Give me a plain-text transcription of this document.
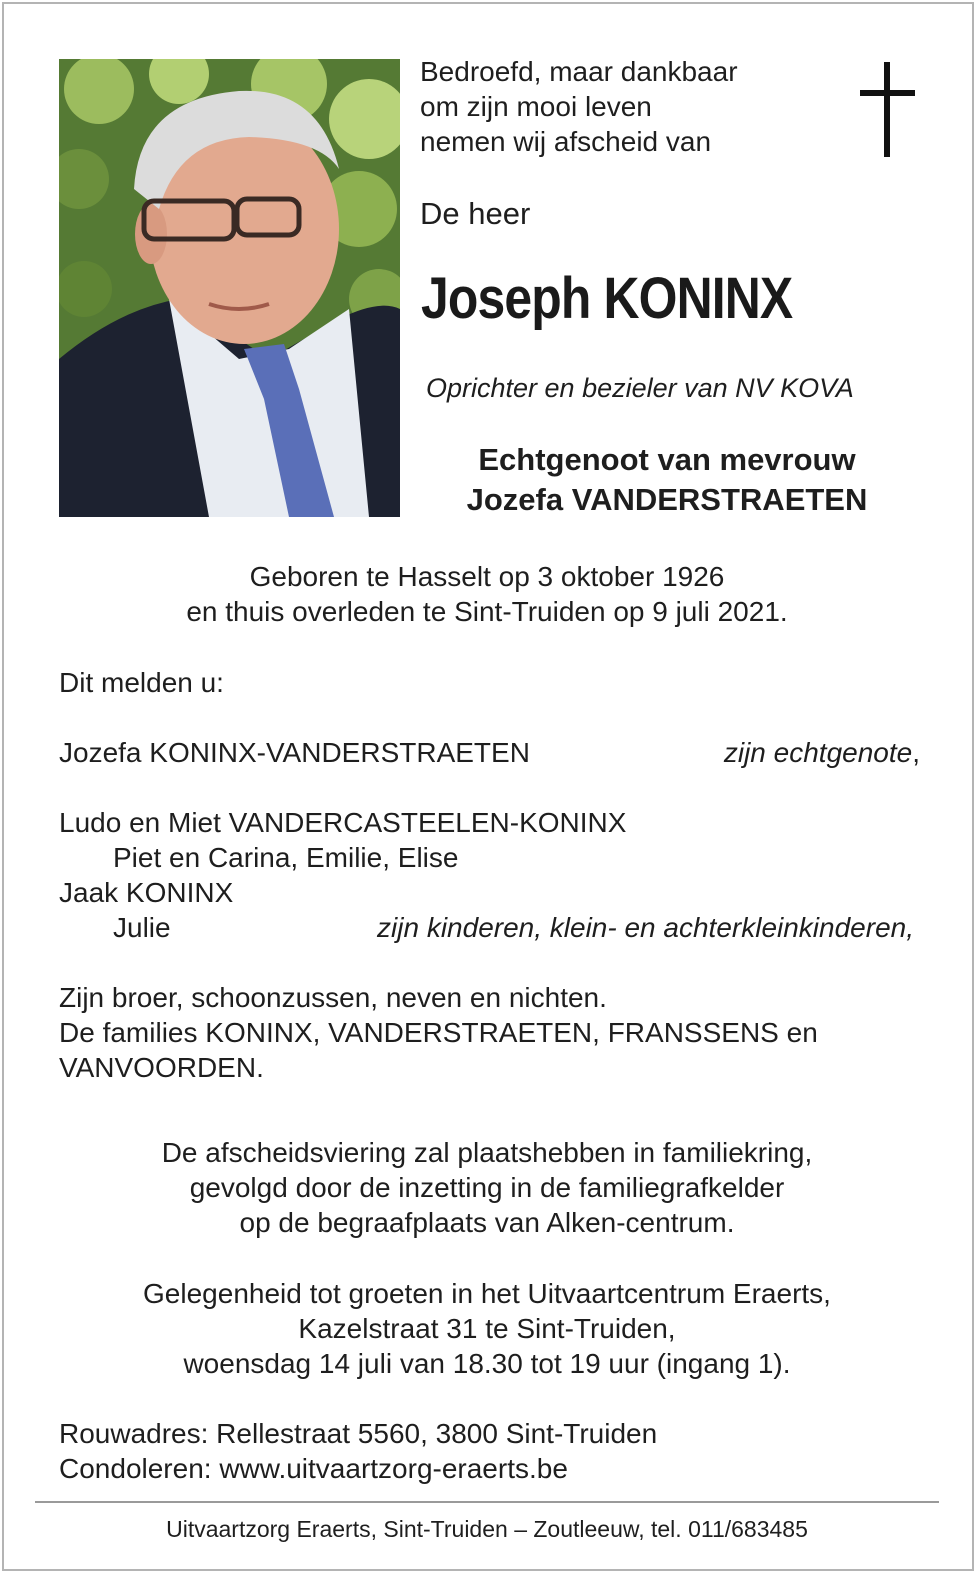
Bedroefd, maar dankbaar
om zijn mooi leven
nemen wij afscheid van
De heer
Joseph KONINX
Oprichter en bezieler van NV KOVA
Echtgenoot van mevrouw
Jozefa VANDERSTRAETEN
Geboren te Hasselt op 3 oktober 1926
en thuis overleden te Sint-Truiden op 9 juli 2021.
Dit melden u:
Jozefa KONINX-VANDERSTRAETEN	zijn echtgenote,
Ludo en Miet VANDERCASTEELEN-KONINX
Piet en Carina, Emilie, Elise
Jaak KONINX
Julie	zijn kinderen, klein- en achterkleinkinderen,
Zijn broer, schoonzussen, neven en nichten.
De families KONINX, VANDERSTRAETEN, FRANSSENS en
VANVOORDEN.
De afscheidsviering zal plaatshebben in familiekring,
gevolgd door de inzetting in de familiegrafkelder
op de begraafplaats van Alken-centrum.
Gelegenheid tot groeten in het Uitvaartcentrum Eraerts,
Kazelstraat 31 te Sint-Truiden,
woensdag 14 juli van 18.30 tot 19 uur (ingang 1).
Rouwadres: Rellestraat 5560, 3800 Sint-Truiden
Condoleren: www.uitvaartzorg-eraerts.be
Uitvaartzorg Eraerts, Sint-Truiden – Zoutleeuw, tel. 011/683485
